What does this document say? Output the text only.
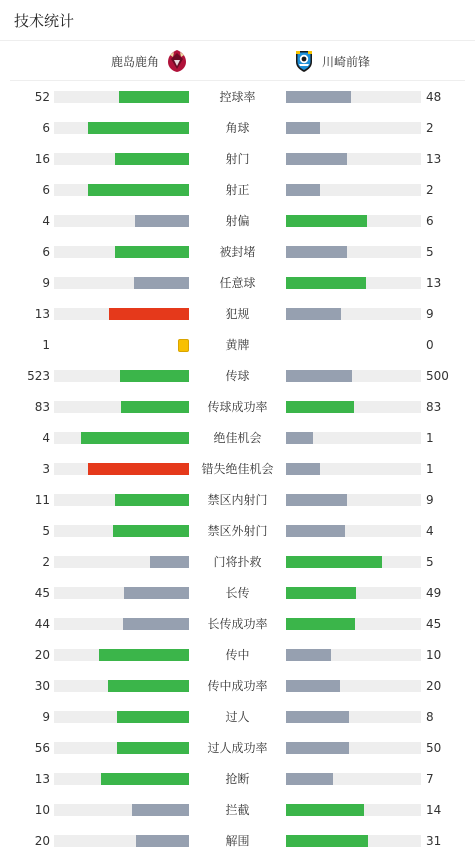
技术统计
鹿岛鹿角	川崎前锋
52	控球率	48
6	角球	2
16	射门	13
6	射正	2
4	射偏	6
6	被封堵	5
9	任意球	13
13	犯规	9
1	黄牌	0
523	传球	500
83	传球成功率	83
4	绝佳机会	1
3	错失绝佳机会	1
11	禁区内射门	9
5	禁区外射门	4
2	门将扑救	5
45	长传	49
44	长传成功率	45
20	传中	10
30	传中成功率	20
9	过人	8
56	过人成功率	50
13	抢断	7
10	拦截	14
20	解围	31
